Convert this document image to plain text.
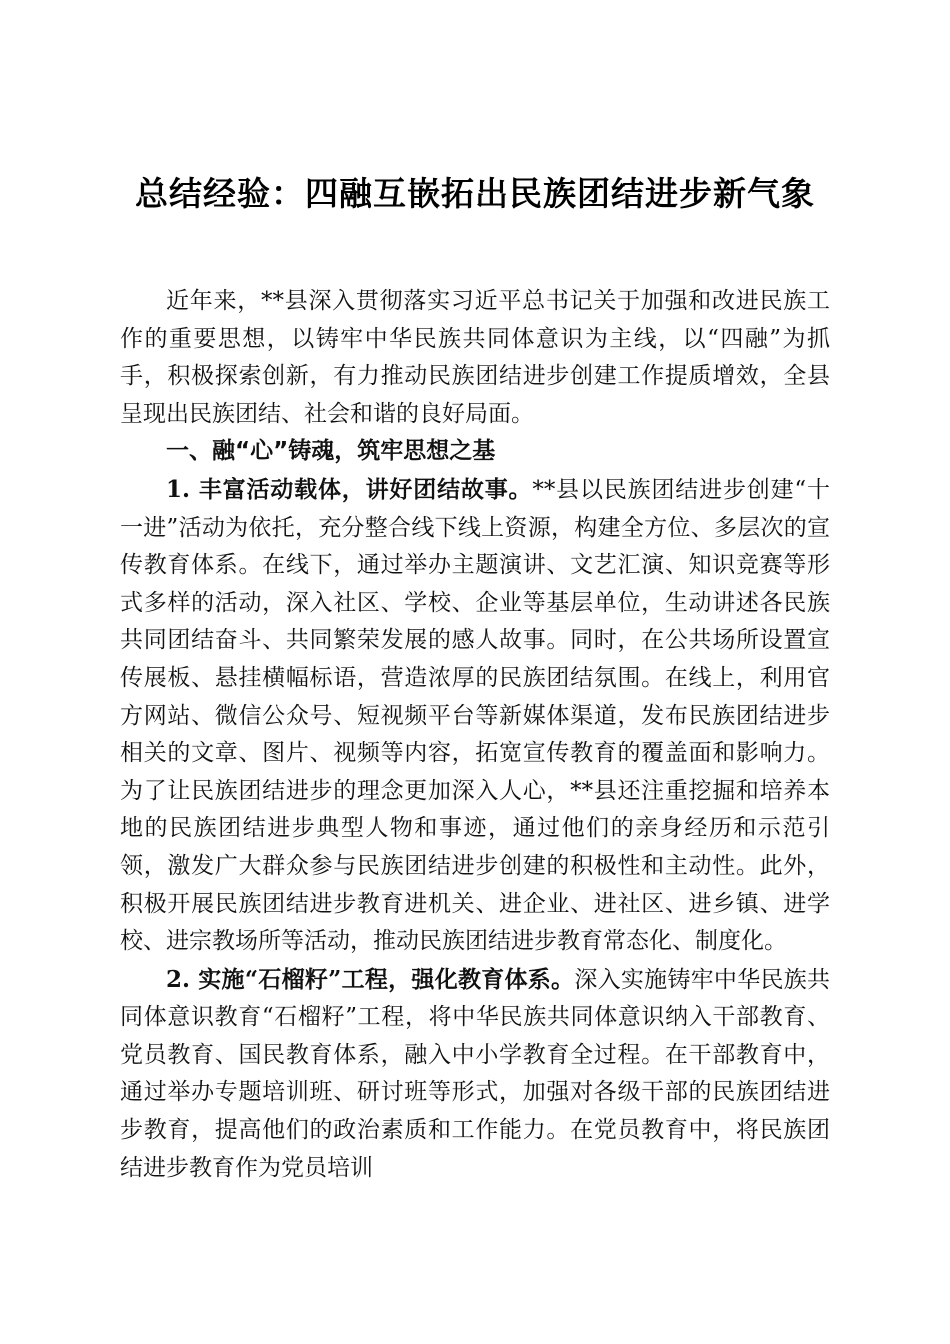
总结经验：四融互嵌拓出民族团结进步新气象

近年来，**县深入贯彻落实习近平总书记关于加强和改进民族工作的重要思想，以铸牢中华民族共同体意识为主线，以“四融”为抓手，积极探索创新，有力推动民族团结进步创建工作提质增效，全县呈现出民族团结、社会和谐的良好局面。

一、融“心”铸魂，筑牢思想之基

1. 丰富活动载体，讲好团结故事。**县以民族团结进步创建“十一进”活动为依托，充分整合线下线上资源，构建全方位、多层次的宣传教育体系。在线下，通过举办主题演讲、文艺汇演、知识竞赛等形式多样的活动，深入社区、学校、企业等基层单位，生动讲述各民族共同团结奋斗、共同繁荣发展的感人故事。同时，在公共场所设置宣传展板、悬挂横幅标语，营造浓厚的民族团结氛围。在线上，利用官方网站、微信公众号、短视频平台等新媒体渠道，发布民族团结进步相关的文章、图片、视频等内容，拓宽宣传教育的覆盖面和影响力。为了让民族团结进步的理念更加深入人心，**县还注重挖掘和培养本地的民族团结进步典型人物和事迹，通过他们的亲身经历和示范引领，激发广大群众参与民族团结进步创建的积极性和主动性。此外，积极开展民族团结进步教育进机关、进企业、进社区、进乡镇、进学校、进宗教场所等活动，推动民族团结进步教育常态化、制度化。

2. 实施“石榴籽”工程，强化教育体系。深入实施铸牢中华民族共同体意识教育“石榴籽”工程，将中华民族共同体意识纳入干部教育、党员教育、国民教育体系，融入中小学教育全过程。在干部教育中，通过举办专题培训班、研讨班等形式，加强对各级干部的民族团结进步教育，提高他们的政治素质和工作能力。在党员教育中，将民族团结进步教育作为党员培训
